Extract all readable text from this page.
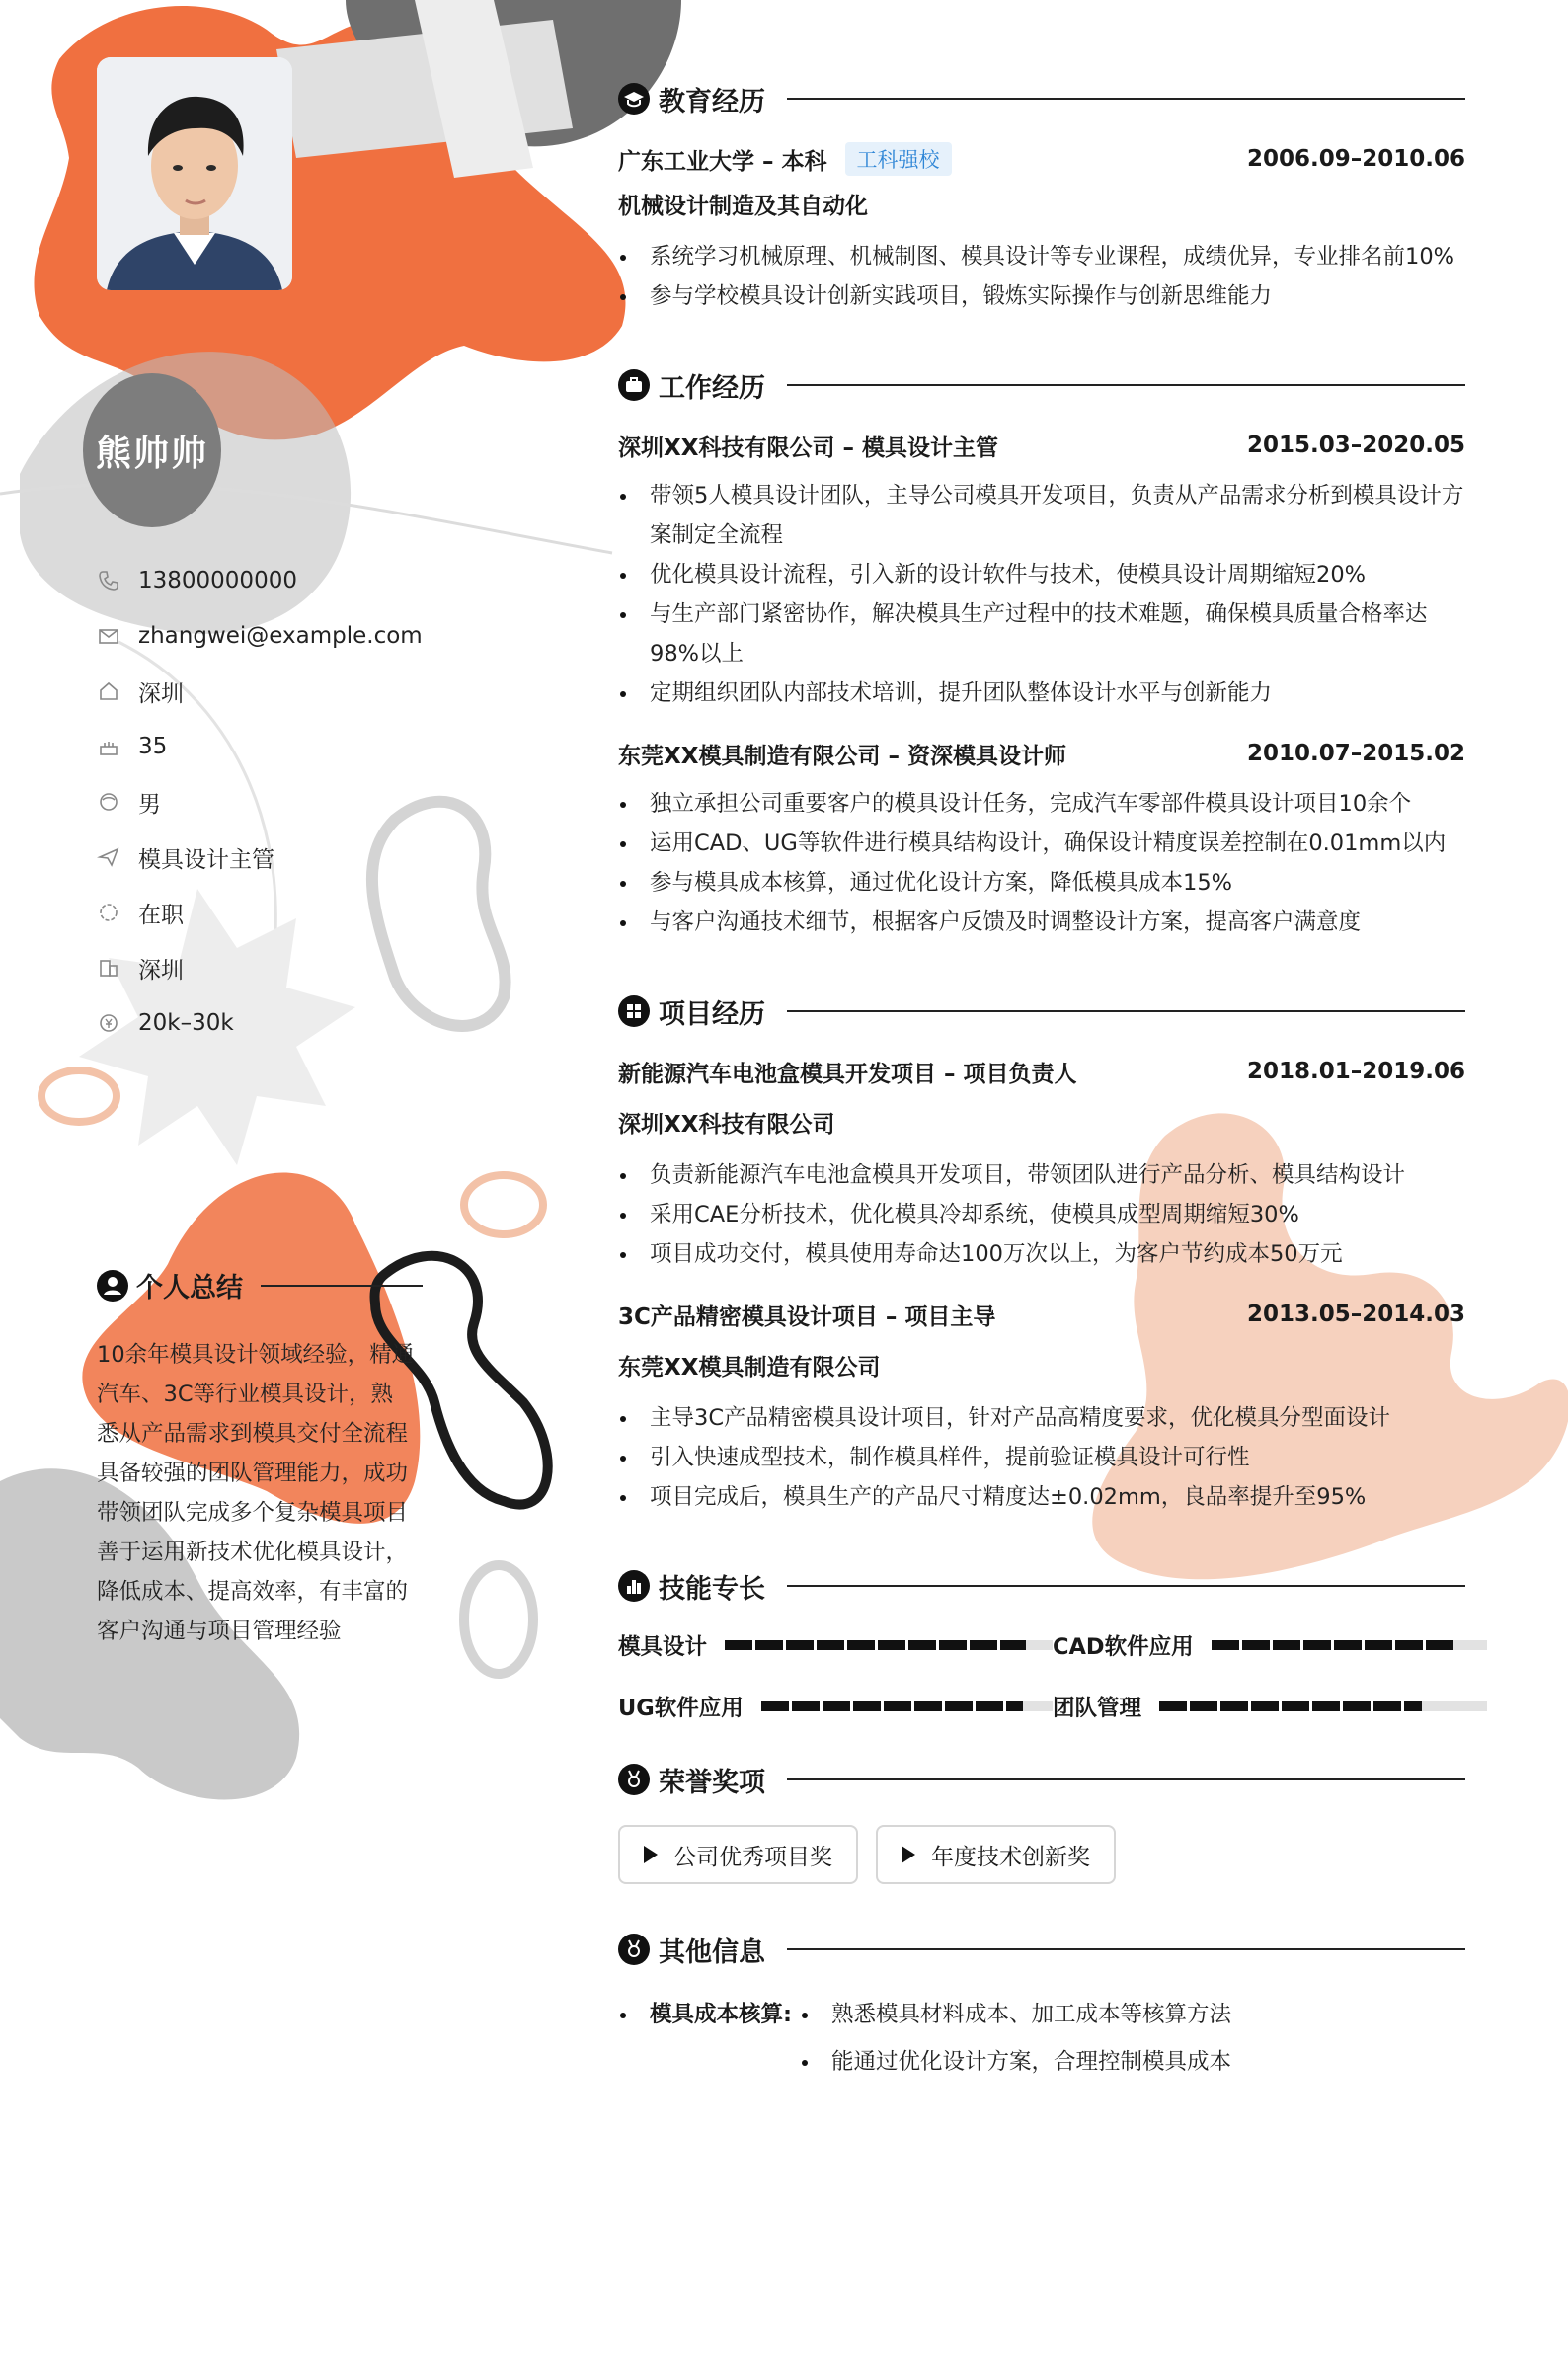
熊帅帅
13800000000
zhangwei@example.com
深圳
35
男
模具设计主管
在职
深圳
20k–30k
个人总结
10余年模具设计领域经验，精通汽车、3C等行业模具设计，熟悉从产品需求到模具交付全流程 具备较强的团队管理能力，成功带领团队完成多个复杂模具项目 善于运用新技术优化模具设计，降低成本、提高效率，有丰富的客户沟通与项目管理经验
教育经历
广东工业大学 – 本科	工科强校	2006.09–2010.06
机械设计制造及其自动化
系统学习机械原理、机械制图、模具设计等专业课程，成绩优异，专业排名前10%
参与学校模具设计创新实践项目，锻炼实际操作与创新思维能力
工作经历
深圳XX科技有限公司 – 模具设计主管	2015.03–2020.05
带领5人模具设计团队，主导公司模具开发项目，负责从产品需求分析到模具设计方案制定全流程
优化模具设计流程，引入新的设计软件与技术，使模具设计周期缩短20%
与生产部门紧密协作，解决模具生产过程中的技术难题，确保模具质量合格率达98%以上
定期组织团队内部技术培训，提升团队整体设计水平与创新能力
东莞XX模具制造有限公司 – 资深模具设计师	2010.07–2015.02
独立承担公司重要客户的模具设计任务，完成汽车零部件模具设计项目10余个
运用CAD、UG等软件进行模具结构设计，确保设计精度误差控制在0.01mm以内
参与模具成本核算，通过优化设计方案，降低模具成本15%
与客户沟通技术细节，根据客户反馈及时调整设计方案，提高客户满意度
项目经历
新能源汽车电池盒模具开发项目 – 项目负责人	2018.01–2019.06
深圳XX科技有限公司
负责新能源汽车电池盒模具开发项目，带领团队进行产品分析、模具结构设计
采用CAE分析技术，优化模具冷却系统，使模具成型周期缩短30%
项目成功交付，模具使用寿命达100万次以上，为客户节约成本50万元
3C产品精密模具设计项目 – 项目主导	2013.05–2014.03
东莞XX模具制造有限公司
主导3C产品精密模具设计项目，针对产品高精度要求，优化模具分型面设计
引入快速成型技术，制作模具样件，提前验证模具设计可行性
项目完成后，模具生产的产品尺寸精度达±0.02mm，良品率提升至95%
技能专长
模具设计	CAD软件应用
UG软件应用	团队管理
荣誉奖项
公司优秀项目奖	年度技术创新奖
其他信息
模具成本核算:	熟悉模具材料成本、加工成本等核算方法
能通过优化设计方案，合理控制模具成本
